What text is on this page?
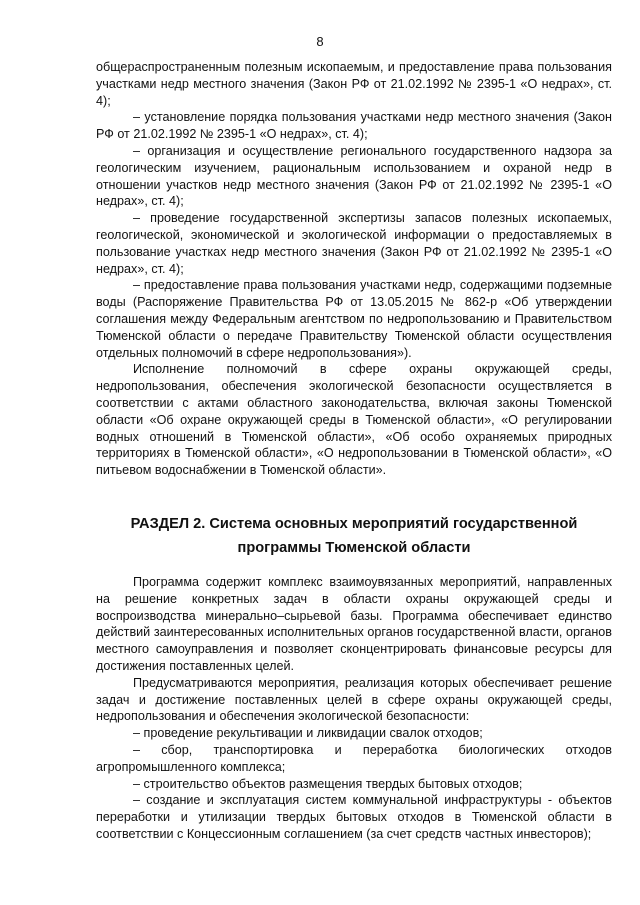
8

общераспространенным полезным ископаемым, и предоставление права пользования участками недр местного значения (Закон РФ от 21.02.1992 № 2395-1 «О недрах», ст. 4);

– установление порядка пользования участками недр местного значения (Закон РФ от 21.02.1992 № 2395-1 «О недрах», ст. 4);

– организация и осуществление регионального государственного надзора за геологическим изучением, рациональным использованием и охраной недр в отношении участков недр местного значения (Закон РФ от 21.02.1992 № 2395-1 «О недрах», ст. 4);

– проведение государственной экспертизы запасов полезных ископаемых, геологической, экономической и экологической информации о предоставляемых в пользование участках недр местного значения (Закон РФ от 21.02.1992 № 2395-1 «О недрах», ст. 4);

– предоставление права пользования участками недр, содержащими подземные воды (Распоряжение Правительства РФ от 13.05.2015 № 862-р «Об утверждении соглашения между Федеральным агентством по недропользованию и Правительством Тюменской области о передаче Правительству Тюменской области осуществления отдельных полномочий в сфере недропользования»).

Исполнение полномочий в сфере охраны окружающей среды, недропользования, обеспечения экологической безопасности осуществляется в соответствии с актами областного законодательства, включая законы Тюменской области «Об охране окружающей среды в Тюменской области», «О регулировании водных отношений в Тюменской области», «Об особо охраняемых природных территориях в Тюменской области», «О недропользовании в Тюменской области», «О питьевом водоснабжении в Тюменской области».

РАЗДЕЛ 2. Система основных мероприятий государственной
программы Тюменской области

Программа содержит комплекс взаимоувязанных мероприятий, направленных на решение конкретных задач в области охраны окружающей среды и воспроизводства минерально–сырьевой базы. Программа обеспечивает единство действий заинтересованных исполнительных органов государственной власти, органов местного самоуправления и позволяет сконцентрировать финансовые ресурсы для достижения поставленных целей.

Предусматриваются мероприятия, реализация которых обеспечивает решение задач и достижение поставленных целей в сфере охраны окружающей среды, недропользования и обеспечения экологической безопасности:

– проведение рекультивации и ликвидации свалок отходов;

– сбор, транспортировка и переработка биологических отходов агропромышленного комплекса;

– строительство объектов размещения твердых бытовых отходов;

– создание и эксплуатация систем коммунальной инфраструктуры - объектов переработки и утилизации твердых бытовых отходов в Тюменской области в соответствии с Концессионным соглашением (за счет средств частных инвесторов);
